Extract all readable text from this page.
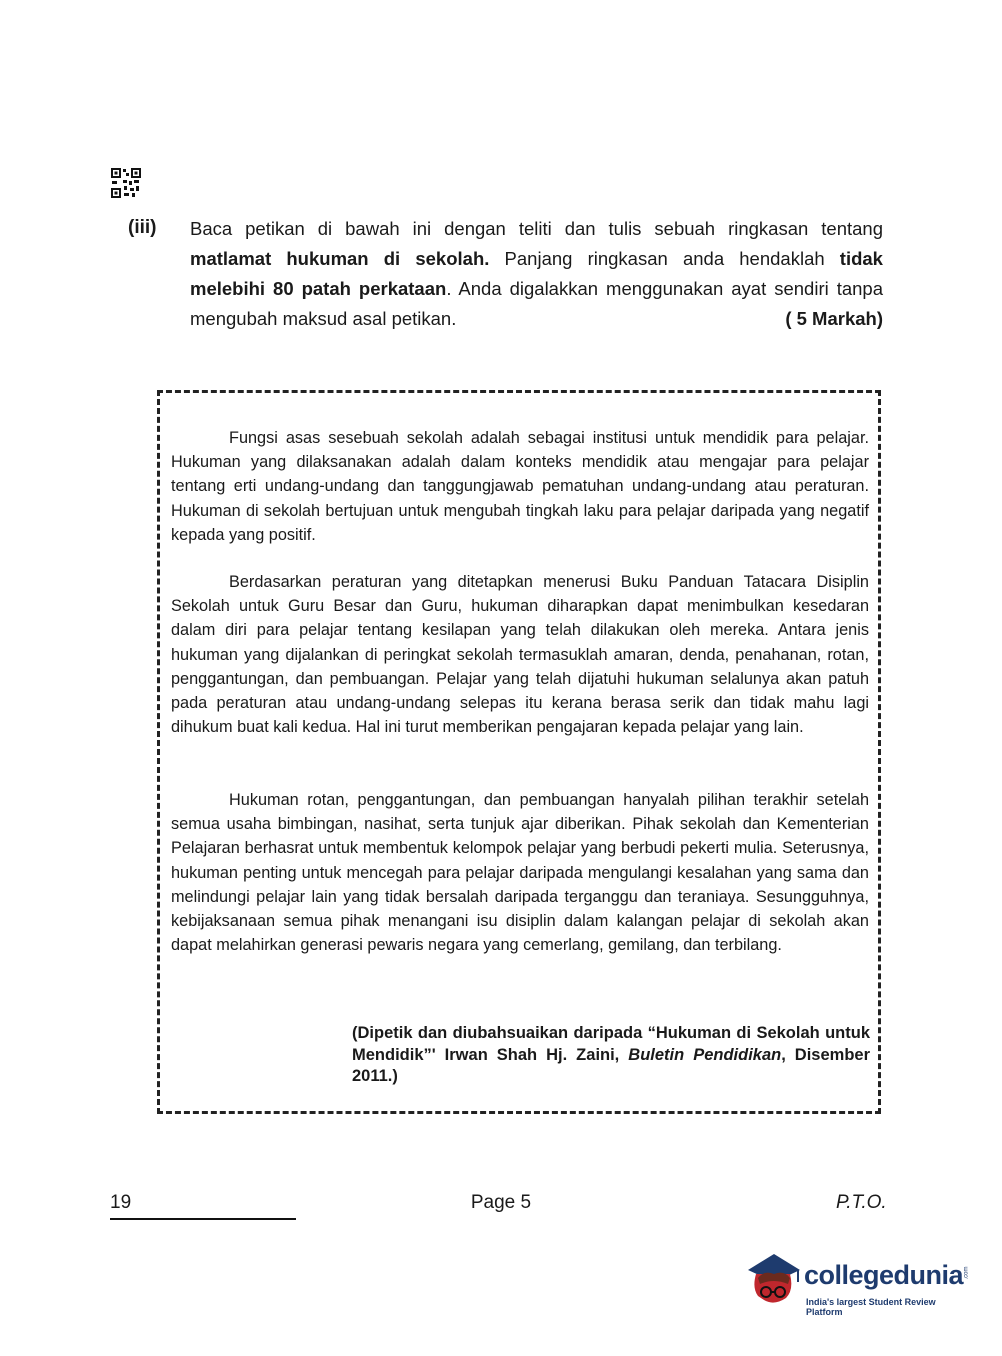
(iii) Baca petikan di bawah ini dengan teliti dan tulis sebuah ringkasan tentang matlamat hukuman di sekolah. Panjang ringkasan anda hendaklah tidak melebihi 80 patah perkataan. Anda digalakkan menggunakan ayat sendiri tanpa mengubah maksud asal petikan.	( 5 Markah)

Fungsi asas sesebuah sekolah adalah sebagai institusi untuk mendidik para pelajar. Hukuman yang dilaksanakan adalah dalam konteks mendidik atau mengajar para pelajar tentang erti undang-undang dan tanggungjawab pematuhan undang-undang atau peraturan. Hukuman di sekolah bertujuan untuk mengubah tingkah laku para pelajar daripada yang negatif kepada yang positif.

Berdasarkan peraturan yang ditetapkan menerusi Buku Panduan Tatacara Disiplin Sekolah untuk Guru Besar dan Guru, hukuman diharapkan dapat menimbulkan kesedaran dalam diri para pelajar tentang kesilapan yang telah dilakukan oleh mereka. Antara jenis hukuman yang dijalankan di peringkat sekolah termasuklah amaran, denda, penahanan, rotan, penggantungan, dan pembuangan. Pelajar yang telah dijatuhi hukuman selalunya akan patuh pada peraturan atau undang-undang selepas itu kerana berasa serik dan tidak mahu lagi dihukum buat kali kedua. Hal ini turut memberikan pengajaran kepada pelajar yang lain.

Hukuman rotan, penggantungan, dan pembuangan hanyalah pilihan terakhir setelah semua usaha bimbingan, nasihat, serta tunjuk ajar diberikan. Pihak sekolah dan Kementerian Pelajaran berhasrat untuk membentuk kelompok pelajar yang berbudi pekerti mulia. Seterusnya, hukuman penting untuk mencegah para pelajar daripada mengulangi kesalahan yang sama dan melindungi pelajar lain yang tidak bersalah daripada terganggu dan teraniaya. Sesungguhnya, kebijaksanaan semua pihak menangani isu disiplin dalam kalangan pelajar di sekolah akan dapat melahirkan generasi pewaris negara yang cemerlang, gemilang, dan terbilang.

(Dipetik dan diubahsuaikan daripada “Hukuman di Sekolah untuk Mendidik”' Irwan Shah Hj. Zaini, Buletin Pendidikan, Disember 2011.)
19	Page 5	P.T.O.
collegedunia .com
India's largest Student Review Platform
